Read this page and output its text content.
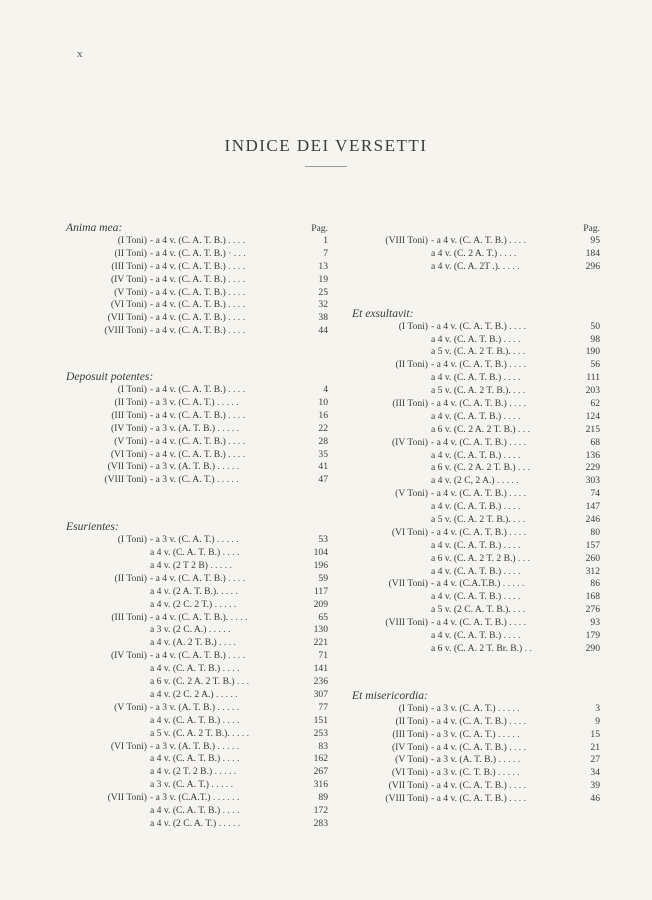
x
INDICE DEI VERSETTI
Pag.
Anima mea:
(I Toni) - a 4 v. (C. A. T. B.) . . . .	1
(II Toni) - a 4 v. (C. A. T. B.) · . . .	7
(III Toni) - a 4 v. (C. A. T. B.) . . . .	13
(IV Toni) - a 4 v. (C. A. T. B.) . . . .	19
(V Toni) - a 4 v. (C. A. T. B.) . . . .	25
(VI Toni) - a 4 v. (C. A. T. B.) . . . .	32
(VII Toni) - a 4 v. (C. A. T. B.) . . . .	38
(VIII Toni) - a 4 v. (C. A. T. B.) . . . .	44
Deposuit potentes:
(I Toni) - a 4 v. (C. A. T. B.) . . . .	4
(II Toni) - a 3 v. (C. A. T.) . . . . .	10
(III Toni) - a 4 v. (C. A. T. B.) . . . .	16
(IV Toni) - a 3 v. (A. T. B.) . . . . .	22
(V Toni) - a 4 v. (C. A. T. B.) . . . .	28
(VI Toni) - a 4 v. (C. A. T. B.) . . . .	35
(VII Toni) - a 3 v. (A. T. B.) . . . . .	41
(VIII Toni) - a 3 v. (C. A. T.) . . . . .	47
Esurientes:
(I Toni) - a 3 v. (C. A. T.) . . . . .	53
a 4 v. (C. A. T. B.) . . . .	104
a 4 v. (2 T 2 B) . . . . .	196
(II Toni) - a 4 v. (C. A. T. B.) . . . .	59
a 4 v. (2 A. T. B.). . . . .	117
a 4 v. (2 C. 2 T.) . . . . .	209
(III Toni) - a 4 v. (C. A. T. B.). . . . .	65
a 3 v. (2 C. A.) . . . . .	130
a 4 v. (A. 2 T. B.) . . . .	221
(IV Toni) - a 4 v. (C. A. T. B.) . . . .	71
a 4 v. (C. A. T. B.) . . . .	141
a 6 v. (C. 2 A. 2 T. B.) . . .	236
a 4 v. (2 C. 2 A.) . . . . .	307
(V Toni) - a 3 v. (A. T. B.) . . . . .	77
a 4 v. (C. A. T. B.) . . . .	151
a 5 v. (C. A. 2 T. B.). . . . .	253
(VI Toni) - a 3 v. (A. T. B.) . . . . .	83
a 4 v. (C. A. T. B.) . . . .	162
a 4 v. (2 T. 2 B.) . . . . .	267
a 3 v. (C. A. T.) . . . . .	316
(VII Toni) - a 3 v. (C.A.T.) . . . . . .	89
a 4 v. (C. A. T. B.) . . . .	172
a 4 v. (2 C. A. T.) . . . . .	283
Pag.
(VIII Toni) - a 4 v. (C. A. T. B.) . . . .	95
a 4 v. (C. 2 A. T.) . . . .	184
a 4 v. (C. A. 2T .). . . . .	296
Et exsultavit:
(I Toni) - a 4 v. (C. A. T. B.) . . . .	50
a 4 v. (C. A. T. B.) . . . .	98
a 5 v. (C. A. 2 T. B.). . . .	190
(II Toni) - a 4 v. (C. A. T. B.) . . . .	56
a 4 v. (C. A. T. B.) . . . .	111
a 5 v. (C. A. 2 T. B.). . . .	203
(III Toni) - a 4 v. (C. A. T. B.) . . . .	62
a 4 v. (C. A. T. B.) . . . .	124
a 6 v. (C. 2 A. 2 T. B.) . . .	215
(IV Toni) - a 4 v. (C. A. T. B.) . . . .	68
a 4 v. (C. A. T. B.) . . . .	136
a 6 v. (C. 2 A. 2 T. B.) . . .	229
a 4 v. (2 C, 2 A.) . . . . .	303
(V Toni) - a 4 v. (C. A. T. B.) . . . .	74
a 4 v. (C. A. T. B.) . . . .	147
a 5 v. (C. A. 2 T. B.). . . .	246
(VI Toni) - a 4 v. (C. A. T. B.) . . . .	80
a 4 v. (C. A. T. B.) . . . .	157
a 6 v. (C. A. 2 T. 2 B.) . . .	260
a 4 v. (C. A. T. B.) . . . .	312
(VII Toni) - a 4 v. (C.A.T.B.) . . . . .	86
a 4 v. (C. A. T. B.) . . . .	168
a 5 v. (2 C. A. T. B.). . . .	276
(VIII Toni) - a 4 v. (C. A. T. B.) . . . .	93
a 4 v. (C. A. T. B.) . . . .	179
a 6 v. (C. A. 2 T. Br. B.) . .	290
Et misericordia:
(I Toni) - a 3 v. (C. A. T.) . . . . .	3
(II Toni) - a 4 v. (C. A. T. B.) . . . .	9
(III Toni) - a 3 v. (C. A. T.) . . . . .	15
(IV Toni) - a 4 v. (C. A. T. B.) . . . .	21
(V Toni) - a 3 v. (A. T. B.) . . . . .	27
(VI Toni) - a 3 v. (C. T. B.) . . . . .	34
(VII Toni) - a 4 v. (C. A. T. B.) . . . .	39
(VIII Toni) - a 4 v. (C. A. T. B.) . . . .	46
